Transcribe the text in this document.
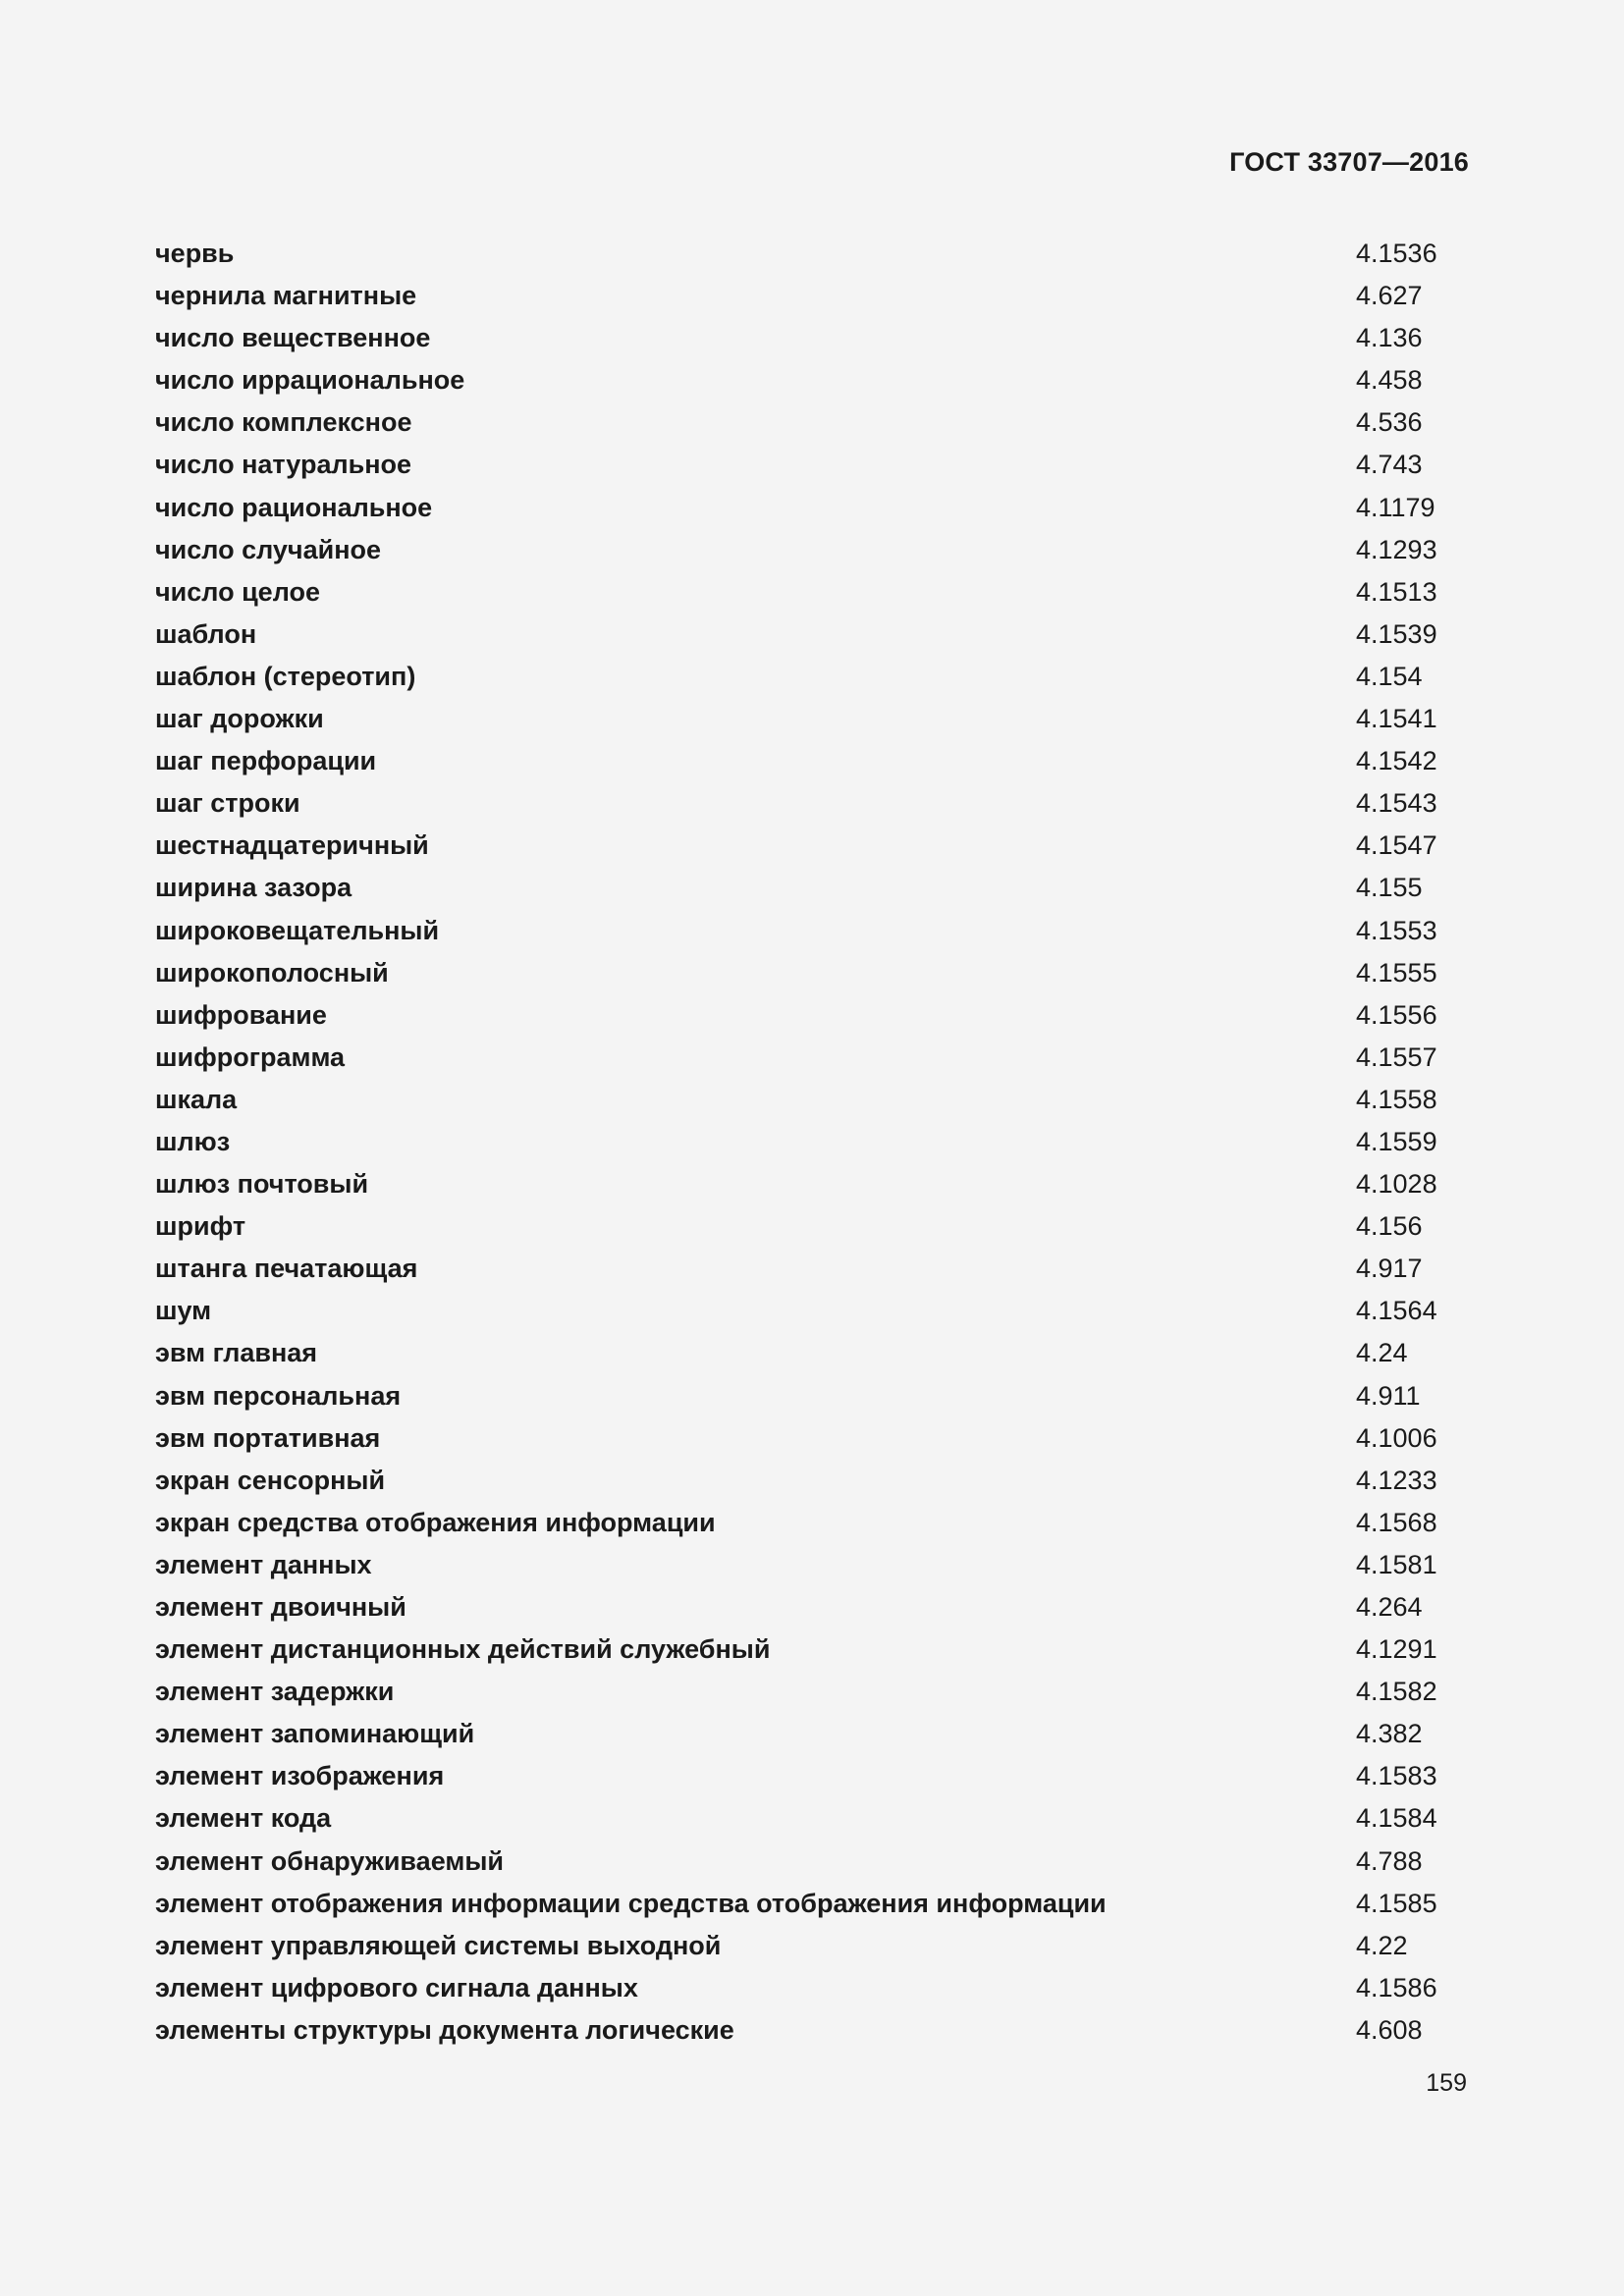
ГОСТ 33707—2016
червь	4.1536
чернила магнитные	4.627
число вещественное	4.136
число иррациональное	4.458
число комплексное	4.536
число натуральное	4.743
число рациональное	4.1179
число случайное	4.1293
число целое	4.1513
шаблон	4.1539
шаблон (стереотип)	4.154
шаг дорожки	4.1541
шаг перфорации	4.1542
шаг строки	4.1543
шестнадцатеричный	4.1547
ширина зазора	4.155
широковещательный	4.1553
широкополосный	4.1555
шифрование	4.1556
шифрограмма	4.1557
шкала	4.1558
шлюз	4.1559
шлюз почтовый	4.1028
шрифт	4.156
штанга печатающая	4.917
шум	4.1564
эвм главная	4.24
эвм персональная	4.911
эвм портативная	4.1006
экран сенсорный	4.1233
экран средства отображения информации	4.1568
элемент данных	4.1581
элемент двоичный	4.264
элемент дистанционных действий служебный	4.1291
элемент задержки	4.1582
элемент запоминающий	4.382
элемент изображения	4.1583
элемент кода	4.1584
элемент обнаруживаемый	4.788
элемент отображения информации средства отображения информации	4.1585
элемент управляющей системы выходной	4.22
элемент цифрового сигнала данных	4.1586
элементы структуры документа логические	4.608
159
